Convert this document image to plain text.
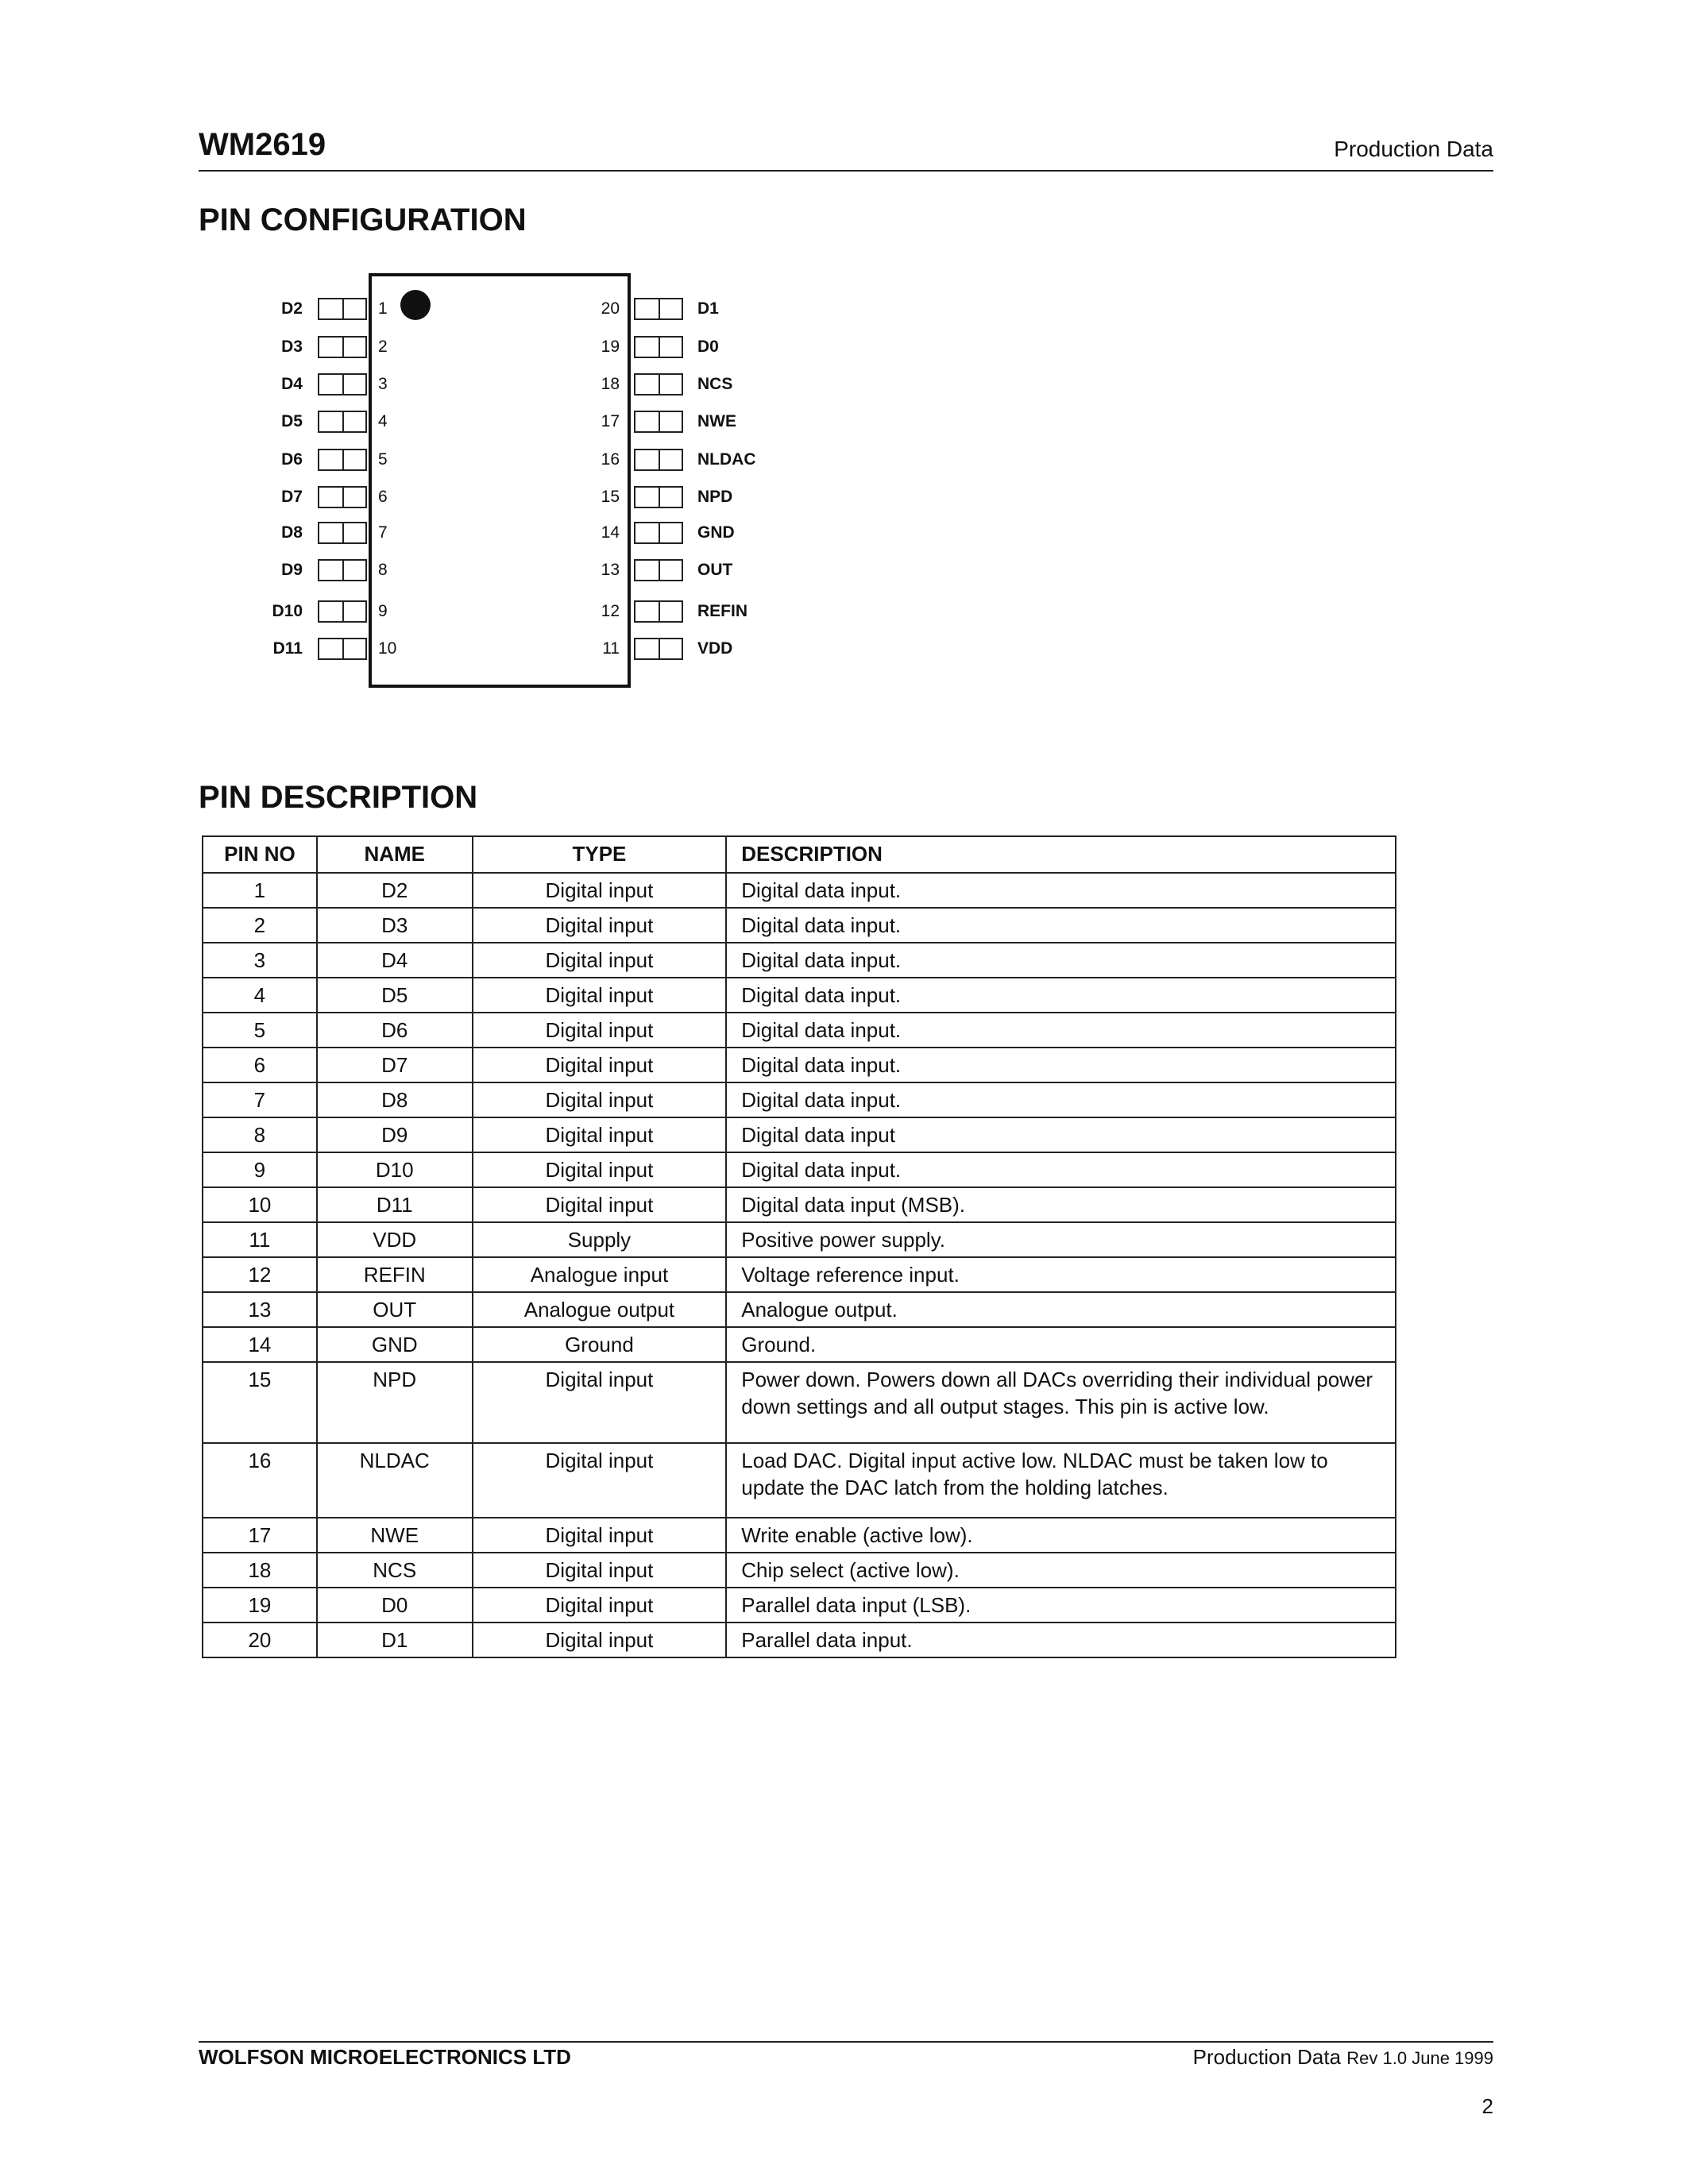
WM2619	Production Data
PIN CONFIGURATION
D2	1
D3	2
D4	3
D5	4
D6	5
D7	6
D8	7
D9	8
D10	9
D11	10
20	D1
19	D0
18	NCS
17	NWE
16	NLDAC
15	NPD
14	GND
13	OUT
12	REFIN
11	VDD
PIN DESCRIPTION
PIN NO	NAME	TYPE	DESCRIPTION
1	D2	Digital input	Digital data input.
2	D3	Digital input	Digital data input.
3	D4	Digital input	Digital data input.
4	D5	Digital input	Digital data input.
5	D6	Digital input	Digital data input.
6	D7	Digital input	Digital data input.
7	D8	Digital input	Digital data input.
8	D9	Digital input	Digital data input
9	D10	Digital input	Digital data input.
10	D11	Digital input	Digital data input (MSB).
11	VDD	Supply	Positive power supply.
12	REFIN	Analogue input	Voltage reference input.
13	OUT	Analogue output	Analogue output.
14	GND	Ground	Ground.
15	NPD	Digital input	Power down. Powers down all DACs overriding their individual power down settings and all output stages. This pin is active low.
16	NLDAC	Digital input	Load DAC. Digital input active low. NLDAC must be taken low to update the DAC latch from the holding latches.
17	NWE	Digital input	Write enable (active low).
18	NCS	Digital input	Chip select (active low).
19	D0	Digital input	Parallel data input (LSB).
20	D1	Digital input	Parallel data input.
WOLFSON MICROELECTRONICS LTD	Production Data Rev 1.0 June 1999
2
